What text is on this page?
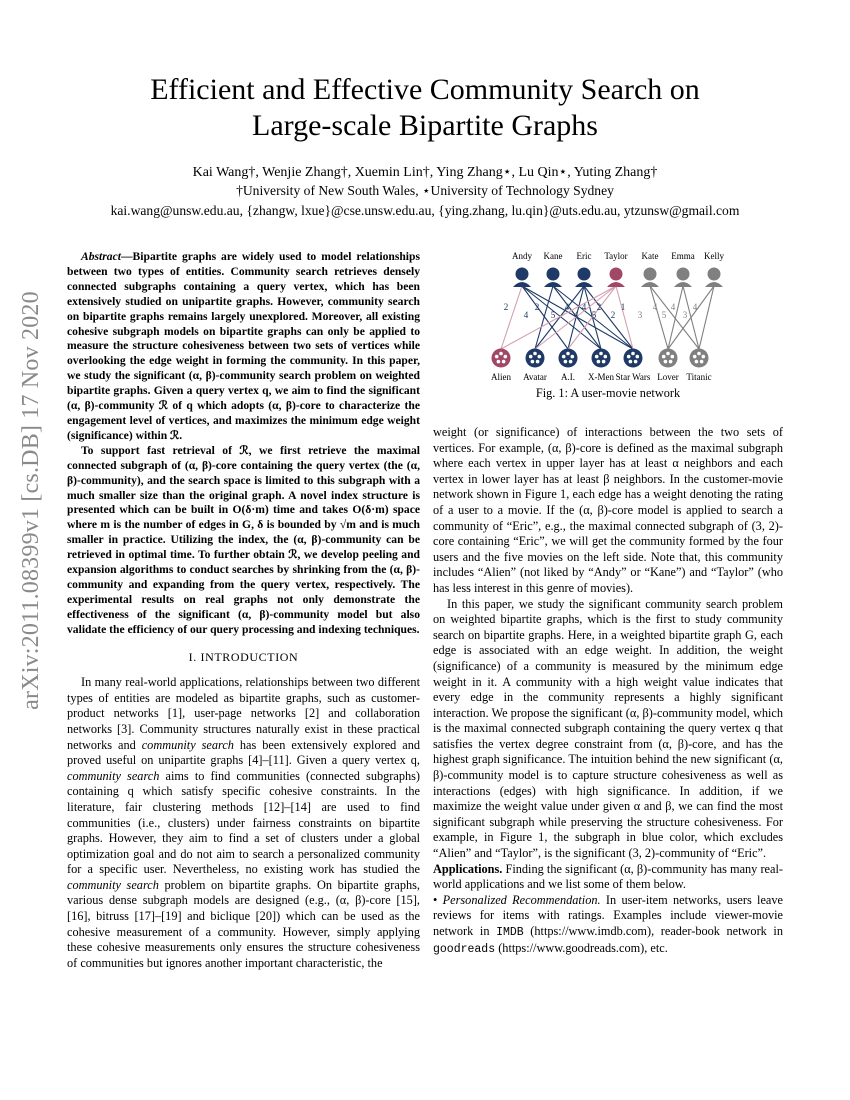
arXiv:2011.08399v1 [cs.DB] 17 Nov 2020
Efficient and Effective Community Search on
Large-scale Bipartite Graphs
Kai Wang†, Wenjie Zhang†, Xuemin Lin†, Ying Zhang⋆, Lu Qin⋆, Yuting Zhang†
†University of New South Wales, ⋆University of Technology Sydney
kai.wang@unsw.edu.au, {zhangw, lxue}@cse.unsw.edu.au, {ying.zhang, lu.qin}@uts.edu.au, ytzunsw@gmail.com

Abstract—Bipartite graphs are widely used to model relationships between two types of entities. Community search retrieves densely connected subgraphs containing a query vertex, which has been extensively studied on unipartite graphs. However, community search on bipartite graphs remains largely unexplored. Moreover, all existing cohesive subgraph models on bipartite graphs can only be applied to measure the structure cohesiveness between two sets of vertices while overlooking the edge weight in forming the community. In this paper, we study the significant (α, β)-community search problem on weighted bipartite graphs. Given a query vertex q, we aim to find the significant (α, β)-community ℛ of q which adopts (α, β)-core to characterize the engagement level of vertices, and maximizes the minimum edge weight (significance) within ℛ.

To support fast retrieval of ℛ, we first retrieve the maximal connected subgraph of (α, β)-core containing the query vertex (the (α, β)-community), and the search space is limited to this subgraph with a much smaller size than the original graph. A novel index structure is presented which can be built in O(δ·m) time and takes O(δ·m) space where m is the number of edges in G, δ is bounded by √m and is much smaller in practice. Utilizing the index, the (α, β)-community can be retrieved in optimal time. To further obtain ℛ, we develop peeling and expansion algorithms to conduct searches by shrinking from the (α, β)-community and expanding from the query vertex, respectively. The experimental results on real graphs not only demonstrate the effectiveness of the significant (α, β)-community model but also validate the efficiency of our query processing and indexing techniques.

I. INTRODUCTION

In many real-world applications, relationships between two different types of entities are modeled as bipartite graphs, such as customer-product networks [1], user-page networks [2] and collaboration networks [3]. Community structures naturally exist in these practical networks and community search has been extensively explored and proved useful on unipartite graphs [4]–[11]. Given a query vertex q, community search aims to find communities (connected subgraphs) containing q which satisfy specific cohesive constraints. In the literature, fair clustering methods [12]–[14] are used to find communities (i.e., clusters) under fairness constraints on bipartite graphs. However, they aim to find a set of clusters under a global optimization goal and do not aim to search a personalized community for a specific user. Nevertheless, no existing work has studied the community search problem on bipartite graphs. On bipartite graphs, various dense subgraph models are designed (e.g., (α, β)-core [15], [16], bitruss [17]–[19] and biclique [20]) which can be used as the cohesive measurement of a community. However, simply applying these cohesive measurements only ensures the structure cohesiveness of communities but ignores another important characteristic, the

2
4
2
5
4
4
4
5
2
2
1
3
4
5
4
3
4
Andy Kane Eric Taylor Kate Emma Kelly
Alien Avatar A.I. X-Men Star Wars Lover Titanic
Fig. 1: A user-movie network

weight (or significance) of interactions between the two sets of vertices. For example, (α, β)-core is defined as the maximal subgraph where each vertex in upper layer has at least α neighbors and each vertex in lower layer has at least β neighbors. In the customer-movie network shown in Figure 1, each edge has a weight denoting the rating of a user to a movie. If the (α, β)-core model is applied to search a community of “Eric”, e.g., the maximal connected subgraph of (3, 2)-core containing “Eric”, we will get the community formed by the four users and the five movies on the left side. Note that, this community includes “Alien” (not liked by “Andy” or “Kane”) and “Taylor” (who has less interest in this genre of movies).

In this paper, we study the significant community search problem on weighted bipartite graphs, which is the first to study community search on bipartite graphs. Here, in a weighted bipartite graph G, each edge is associated with an edge weight. In addition, the weight (significance) of a community is measured by the minimum edge weight in it. A community with a high weight value indicates that every edge in the community represents a highly significant interaction. We propose the significant (α, β)-community model, which is the maximal connected subgraph containing the query vertex q that satisfies the vertex degree constraint from (α, β)-core, and has the highest graph significance. The intuition behind the new significant (α, β)-community model is to capture structure cohesiveness as well as interactions (edges) with high significance. In addition, if we maximize the weight value under given α and β, we can find the most significant subgraph while preserving the structure cohesiveness. For example, in Figure 1, the subgraph in blue color, which excludes “Alien” and “Taylor”, is the significant (3, 2)-community of “Eric”.

Applications. Finding the significant (α, β)-community has many real-world applications and we list some of them below.

• Personalized Recommendation. In user-item networks, users leave reviews for items with ratings. Examples include viewer-movie network in IMDB (https://www.imdb.com), reader-book network in goodreads (https://www.goodreads.com), etc.
